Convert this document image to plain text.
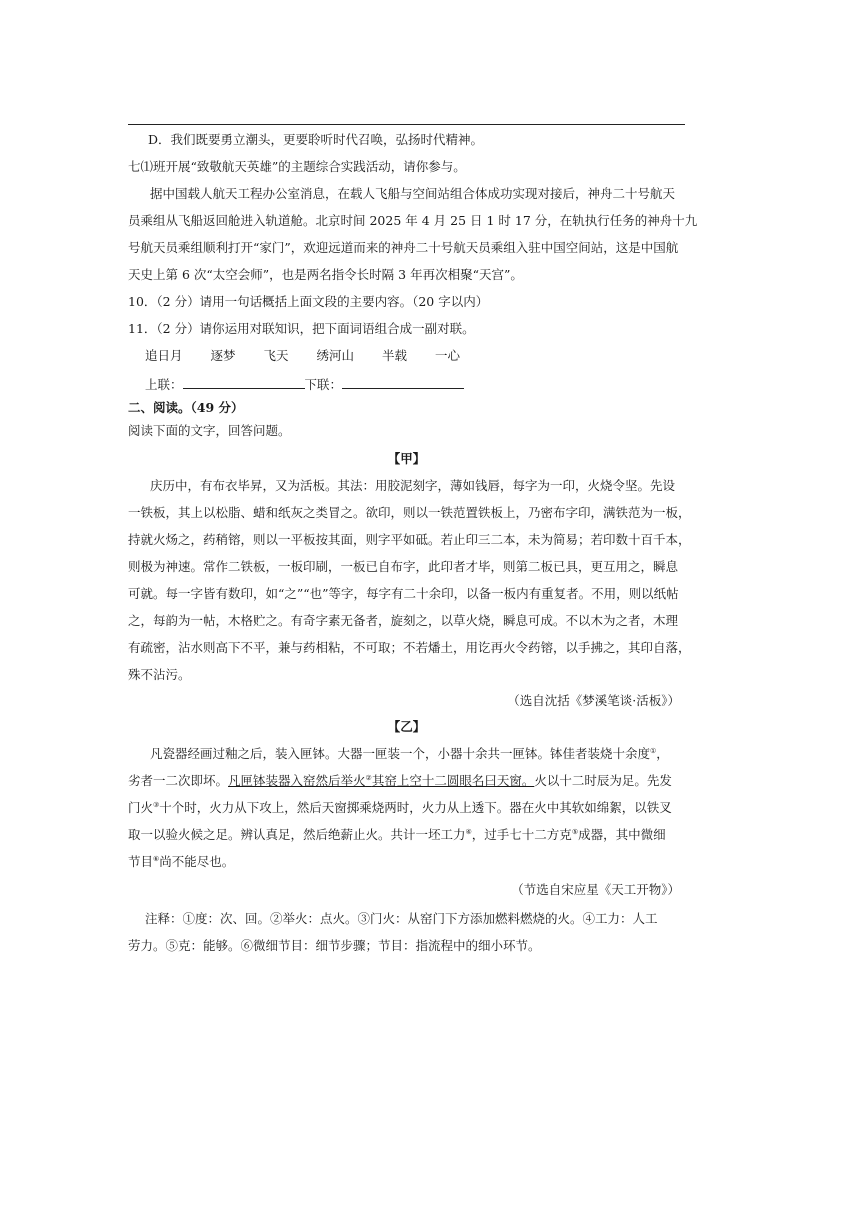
D．我们既要勇立潮头，更要聆听时代召唤，弘扬时代精神。
七⑴班开展“致敬航天英雄”的主题综合实践活动，请你参与。
据中国载人航天工程办公室消息，在载人飞船与空间站组合体成功实现对接后，神舟二十号航天
员乘组从飞船返回舱进入轨道舱。北京时间 2025 年 4 月 25 日 1 时 17 分，在轨执行任务的神舟十九
号航天员乘组顺利打开“家门”，欢迎远道而来的神舟二十号航天员乘组入驻中国空间站，这是中国航
天史上第 6 次“太空会师”，也是两名指令长时隔 3 年再次相聚“天宫”。
10．（2 分）请用一句话概括上面文段的主要内容。（20 字以内）
11．（2 分）请你运用对联知识，把下面词语组合成一副对联。
追日月 逐梦 飞天 绣河山 半载 一心
上联：	下联：
二、阅读。（49 分）
阅读下面的文字，回答问题。
【甲】
庆历中，有布衣毕昇，又为活板。其法：用胶泥刻字，薄如钱唇，每字为一印，火烧令坚。先设
一铁板，其上以松脂、蜡和纸灰之类冒之。欲印，则以一铁范置铁板上，乃密布字印，满铁范为一板，
持就火炀之，药稍镕，则以一平板按其面，则字平如砥。若止印三二本，未为简易；若印数十百千本，
则极为神速。常作二铁板，一板印刷，一板已自布字，此印者才毕，则第二板已具，更互用之，瞬息
可就。每一字皆有数印，如“之”“也”等字，每字有二十余印，以备一板内有重复者。不用，则以纸帖
之，每韵为一帖，木格贮之。有奇字素无备者，旋刻之，以草火烧，瞬息可成。不以木为之者，木理
有疏密，沾水则高下不平，兼与药相粘，不可取；不若燔土，用讫再火令药镕，以手拂之，其印自落，
殊不沾污。
（选自沈括《梦溪笔谈·活板》）
【乙】
凡瓷器经画过釉之后，装入匣钵。大器一匣装一个，小器十余共一匣钵。钵佳者装烧十余度①，
劣者一二次即坏。凡匣钵装器入窑然后举火②其窑上空十二圆眼名曰天窗。火以十二时辰为足。先发
门火③十个时，火力从下攻上，然后天窗掷乘烧两时，火力从上透下。器在火中其软如绵絮，以铁叉
取一以验火候之足。辨认真足，然后绝薪止火。共计一坯工力④，过手七十二方克⑤成器，其中微细
节目⑥尚不能尽也。
（节选自宋应星《天工开物》）
注释：①度：次、回。②举火：点火。③门火：从窑门下方添加燃料燃烧的火。④工力：人工
劳力。⑤克：能够。⑥微细节目：细节步骤；节目：指流程中的细小环节。
